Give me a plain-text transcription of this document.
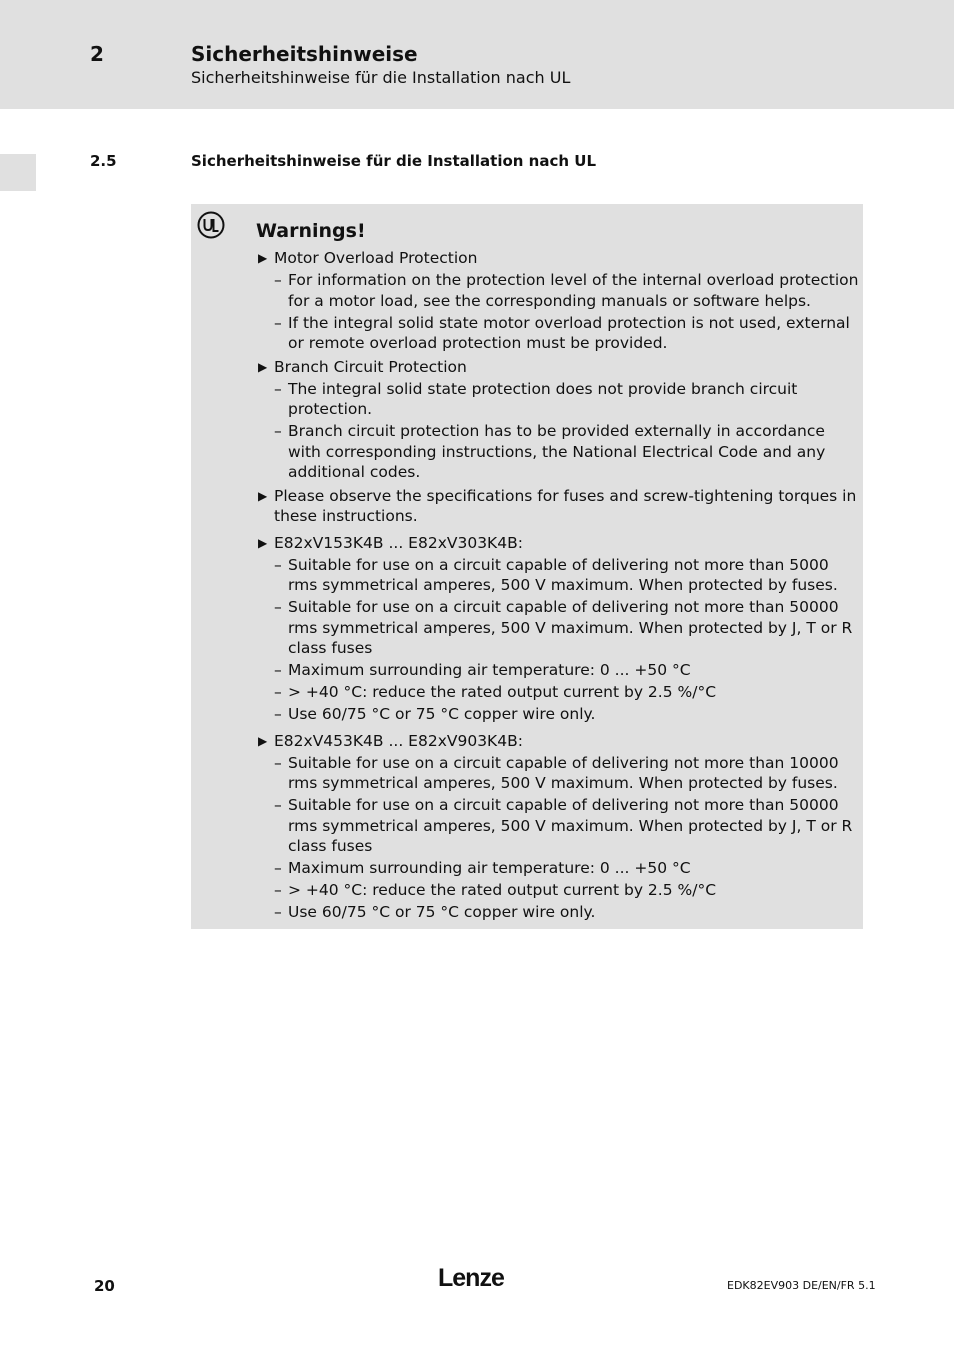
2	Sicherheitshinweise
Sicherheitshinweise für die Installation nach UL
2.5	Sicherheitshinweise für die Installation nach UL
Warnings!
▶ Motor Overload Protection
– For information on the protection level of the internal overload protection for a motor load, see the corresponding manuals or software helps.
– If the integral solid state motor overload protection is not used, external or remote overload protection must be provided.
▶ Branch Circuit Protection
– The integral solid state protection does not provide branch circuit protection.
– Branch circuit protection has to be provided externally in accordance with corresponding instructions, the National Electrical Code and any additional codes.
▶ Please observe the specifications for fuses and screw-tightening torques in these instructions.
▶ E82xV153K4B ... E82xV303K4B:
– Suitable for use on a circuit capable of delivering not more than 5000 rms symmetrical amperes, 500 V maximum. When protected by fuses.
– Suitable for use on a circuit capable of delivering not more than 50000 rms symmetrical amperes, 500 V maximum. When protected by J, T or R class fuses
– Maximum surrounding air temperature: 0 ... +50 °C
– > +40 °C: reduce the rated output current by 2.5 %/°C
– Use 60/75 °C or 75 °C copper wire only.
▶ E82xV453K4B ... E82xV903K4B:
– Suitable for use on a circuit capable of delivering not more than 10000 rms symmetrical amperes, 500 V maximum. When protected by fuses.
– Suitable for use on a circuit capable of delivering not more than 50000 rms symmetrical amperes, 500 V maximum. When protected by J, T or R class fuses
– Maximum surrounding air temperature: 0 ... +50 °C
– > +40 °C: reduce the rated output current by 2.5 %/°C
– Use 60/75 °C or 75 °C copper wire only.
20	Lenze	EDK82EV903 DE/EN/FR 5.1
